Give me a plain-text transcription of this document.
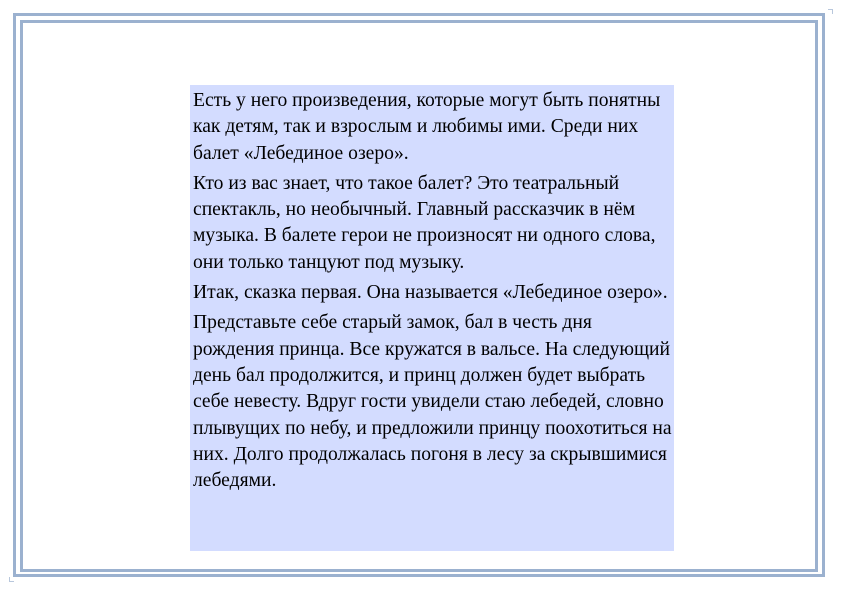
Есть у него произведения, которые могут быть понятны как детям, так и взрослым и любимы ими. Среди них балет «Лебединое озеро».

Кто из вас знает, что такое балет? Это театральный спектакль, но необычный. Главный рассказчик в нём музыка. В балете герои не произносят ни одного слова, они только танцуют под музыку.

Итак, сказка первая. Она называется «Лебединое озеро».

Представьте себе старый замок, бал в честь дня рождения принца. Все кружатся в вальсе. На следующий день бал продолжится, и принц должен будет выбрать себе невесту. Вдруг гости увидели стаю лебедей, словно плывущих по небу, и предложили принцу поохотиться на них. Долго продолжалась погоня в лесу за скрывшимися лебедями.
